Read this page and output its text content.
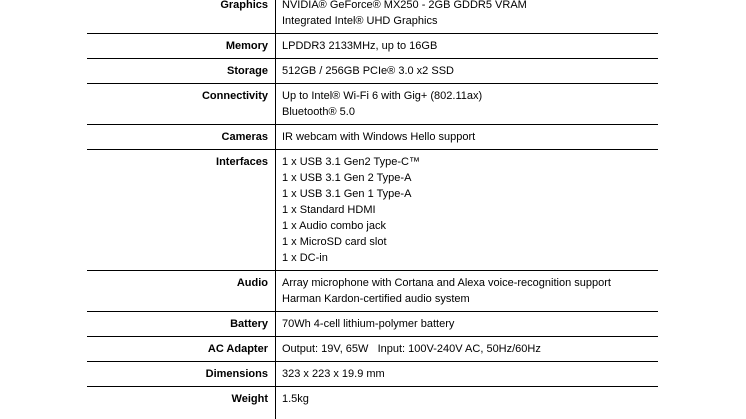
Graphics	NVIDIA® GeForce® MX250 - 2GB GDDR5 VRAM
Integrated Intel® UHD Graphics
Memory	LPDDR3 2133MHz, up to 16GB
Storage	512GB / 256GB PCIe® 3.0 x2 SSD
Connectivity	Up to Intel® Wi-Fi 6 with Gig+ (802.11ax)
Bluetooth® 5.0
Cameras	IR webcam with Windows Hello support
Interfaces	1 x USB 3.1 Gen2 Type-C™
1 x USB 3.1 Gen 2 Type-A
1 x USB 3.1 Gen 1 Type-A
1 x Standard HDMI
1 x Audio combo jack
1 x MicroSD card slot
1 x DC-in
Audio	Array microphone with Cortana and Alexa voice-recognition support
Harman Kardon-certified audio system
Battery	70Wh 4-cell lithium-polymer battery
AC Adapter	Output: 19V, 65W   Input: 100V-240V AC, 50Hz/60Hz
Dimensions	323 x 223 x 19.9 mm
Weight	1.5kg
